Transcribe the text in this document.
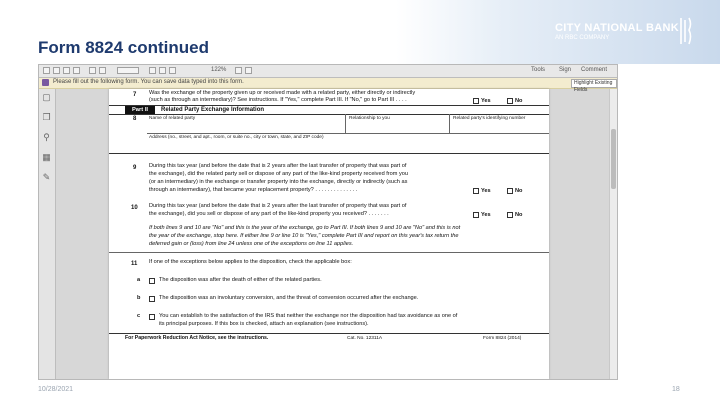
Form 8824 continued
CITY NATIONAL BANK
AN RBC COMPANY
122%	Tools Sign Comment
Please fill out the following form. You can save data typed into this form.	Highlight Existing Fields
▢
❐
⚲
▦
✎
7 Was the exchange of the property given up or received made with a related party, either directly or indirectly
(such as through an intermediary)? See instructions. If "Yes," complete Part III. If "No," go to Part III . . . .	Yes	No
Part II	Related Party Exchange Information
8	Name of related party	Relationship to you	Related party's identifying number
Address (no., street, and apt., room, or suite no., city or town, state, and ZIP code)
9 During this tax year (and before the date that is 2 years after the last transfer of property that was part of
the exchange), did the related party sell or dispose of any part of the like-kind property received from you
(or an intermediary) in the exchange or transfer property into the exchange, directly or indirectly (such as
through an intermediary), that became your replacement property? . . . . . . . . . . . . . .	Yes	No
10 During this tax year (and before the date that is 2 years after the last transfer of property that was part of
the exchange), did you sell or dispose of any part of the like-kind property you received? . . . . . . .	Yes	No
If both lines 9 and 10 are "No" and this is the year of the exchange, go to Part III. If both lines 9 and 10 are "No" and this is not
the year of the exchange, stop here. If either line 9 or line 10 is "Yes," complete Part III and report on this year's tax return the
deferred gain or (loss) from line 24 unless one of the exceptions on line 11 applies.
11 If one of the exceptions below applies to the disposition, check the applicable box:
a	The disposition was after the death of either of the related parties.
b	The disposition was an involuntary conversion, and the threat of conversion occurred after the exchange.
c	You can establish to the satisfaction of the IRS that neither the exchange nor the disposition had tax avoidance as one of
its principal purposes. If this box is checked, attach an explanation (see instructions).
For Paperwork Reduction Act Notice, see the instructions.	Cat. No. 12311A	Form 8824 (2014)
10/28/2021	18
